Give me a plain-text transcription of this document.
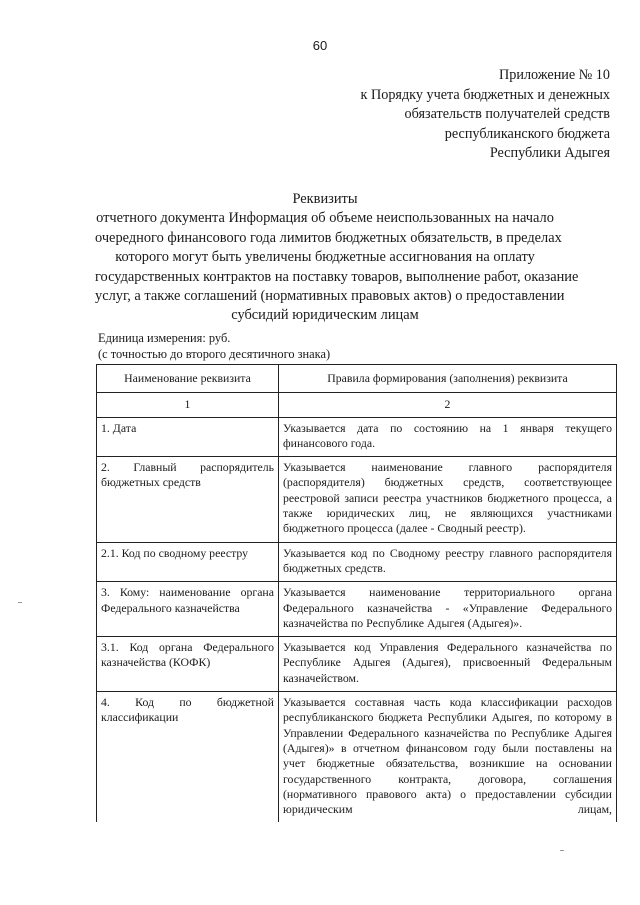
60
Приложение № 10
к Порядку учета бюджетных и денежных
обязательств получателей средств
республиканского бюджета
Республики Адыгея
Реквизиты
отчетного документа Информация об объеме неиспользованных на начало
очередного финансового года лимитов бюджетных обязательств, в пределах
которого могут быть увеличены бюджетные ассигнования на оплату
государственных контрактов на поставку товаров, выполнение работ, оказание
услуг, а также соглашений (нормативных правовых актов) о предоставлении
субсидий юридическим лицам
Единица измерения: руб.
(с точностью до второго десятичного знака)
Наименование реквизита	Правила формирования (заполнения) реквизита
1	2
1. Дата	Указывается дата по состоянию на 1 января текущего финансового года.
2. Главный распорядитель бюджетных средств	Указывается наименование главного распорядителя (распорядителя) бюджетных средств, соответствующее реестровой записи реестра участников бюджетного процесса, а также юридических лиц, не являющихся участниками бюджетного процесса (далее - Сводный реестр).
2.1. Код по сводному реестру	Указывается код по Сводному реестру главного распорядителя бюджетных средств.
3. Кому: наименование органа Федерального казначейства	Указывается наименование территориального органа Федерального казначейства - «Управление Федерального казначейства по Республике Адыгея (Адыгея)».
3.1. Код органа Федерального казначейства (КОФК)	Указывается код Управления Федерального казначейства по Республике Адыгея (Адыгея), присвоенный Федеральным казначейством.
4. Код по бюджетной классификации	Указывается составная часть кода классификации расходов республиканского бюджета Республики Адыгея, по которому в Управлении Федерального казначейства по Республике Адыгея (Адыгея)» в отчетном финансовом году были поставлены на учет бюджетные обязательства, возникшие на основании государственного контракта, договора, соглашения (нормативного правового акта) о предоставлении субсидии юридическим лицам,
